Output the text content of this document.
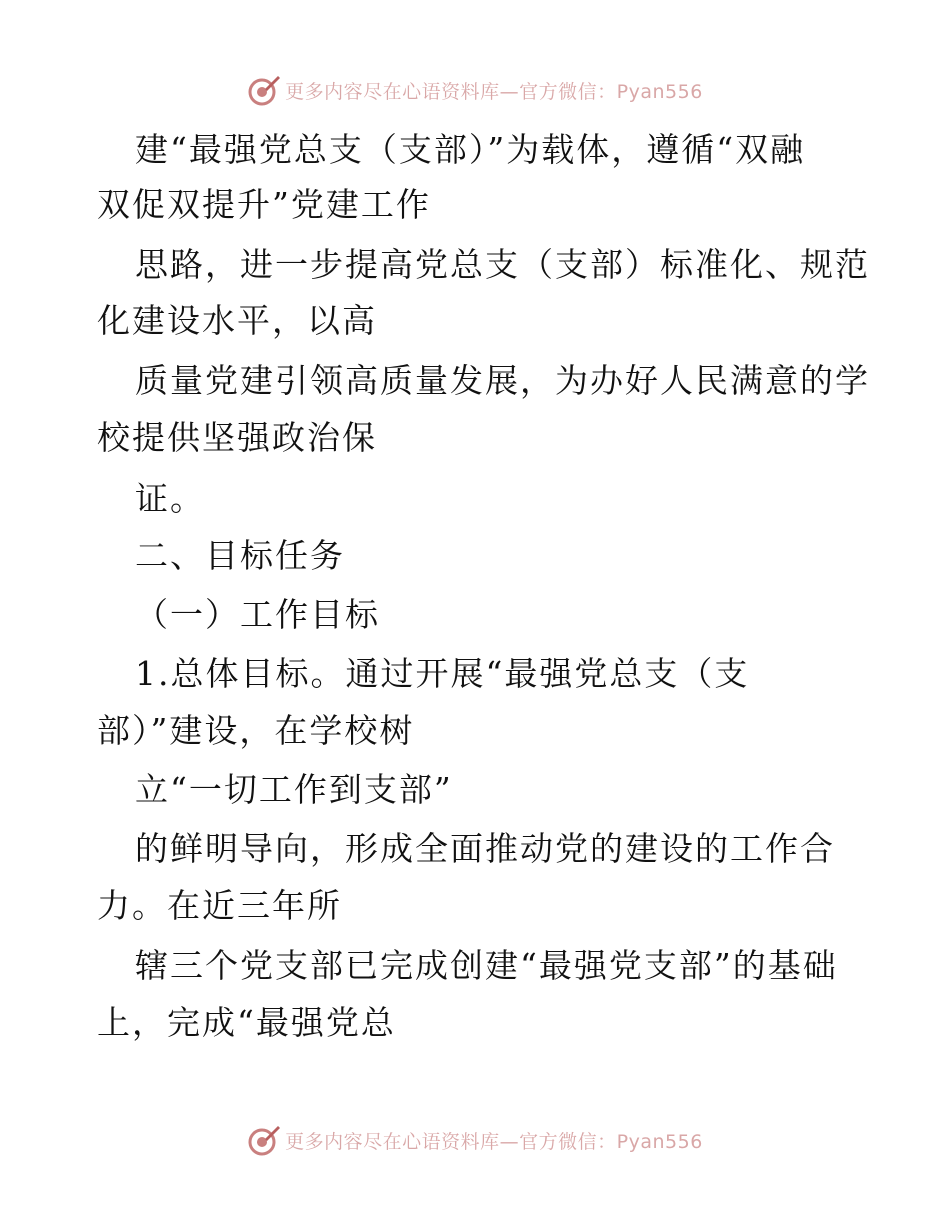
更多内容尽在心语资料库—官方微信：Pyan556
建“最强党总支（支部）”为载体，遵循“双融
双促双提升”党建工作
思路，进一步提高党总支（支部）标准化、规范
化建设水平，以高
质量党建引领高质量发展，为办好人民满意的学
校提供坚强政治保
证。
二、目标任务
（一）工作目标
1.总体目标。通过开展“最强党总支（支
部）”建设，在学校树
立“一切工作到支部”
的鲜明导向，形成全面推动党的建设的工作合
力。在近三年所
辖三个党支部已完成创建“最强党支部”的基础
上，完成“最强党总
更多内容尽在心语资料库—官方微信：Pyan556
